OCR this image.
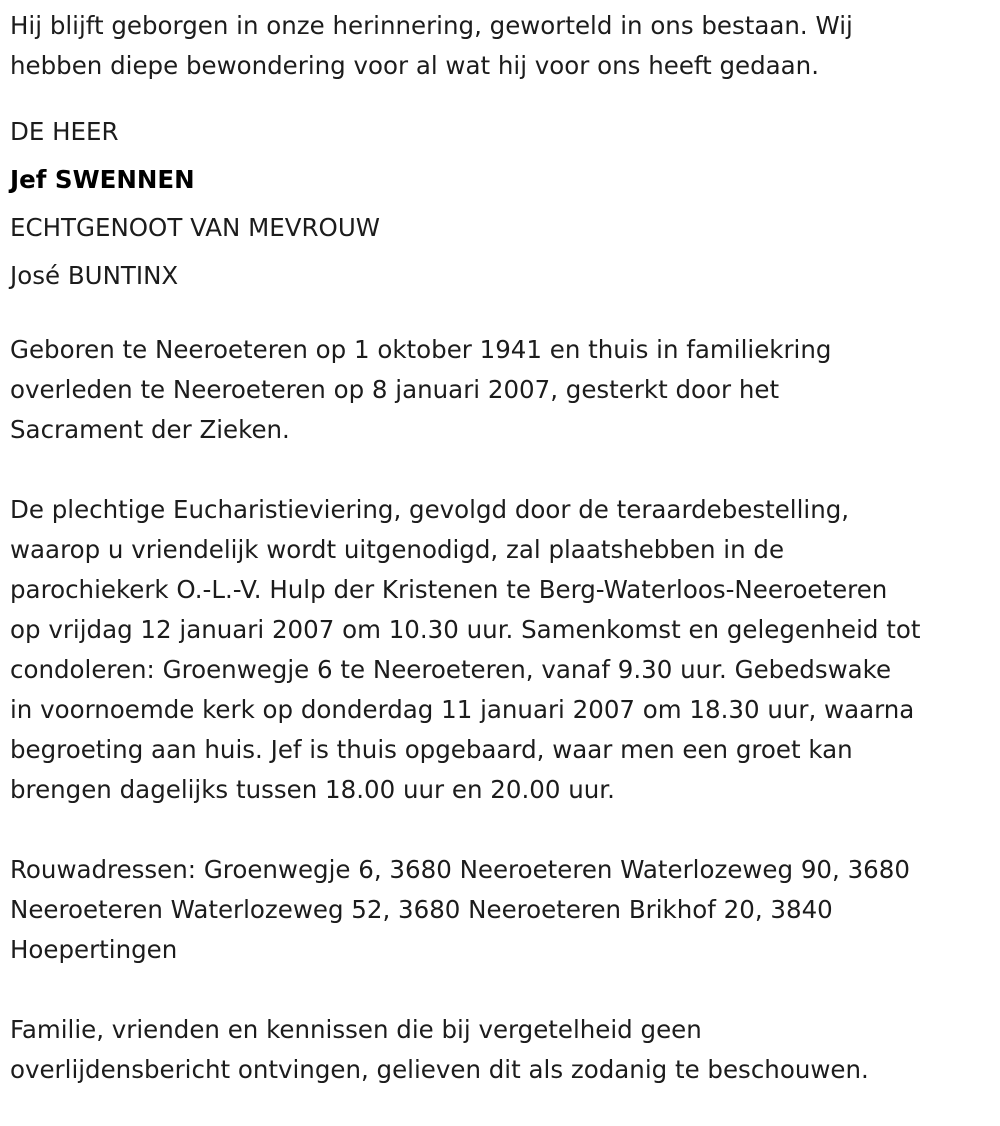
Hij blijft geborgen in onze herinnering, geworteld in ons bestaan. Wij
hebben diepe bewondering voor al wat hij voor ons heeft gedaan.
DE HEER
Jef SWENNEN
ECHTGENOOT VAN MEVROUW
José BUNTINX
Geboren te Neeroeteren op 1 oktober 1941 en thuis in familiekring
overleden te Neeroeteren op 8 januari 2007, gesterkt door het
Sacrament der Zieken.
De plechtige Eucharistieviering, gevolgd door de teraardebestelling,
waarop u vriendelijk wordt uitgenodigd, zal plaatshebben in de
parochiekerk O.-L.-V. Hulp der Kristenen te Berg-Waterloos-Neeroeteren
op vrijdag 12 januari 2007 om 10.30 uur. Samenkomst en gelegenheid tot
condoleren: Groenwegje 6 te Neeroeteren, vanaf 9.30 uur. Gebedswake
in voornoemde kerk op donderdag 11 januari 2007 om 18.30 uur, waarna
begroeting aan huis. Jef is thuis opgebaard, waar men een groet kan
brengen dagelijks tussen 18.00 uur en 20.00 uur.
Rouwadressen: Groenwegje 6, 3680 Neeroeteren Waterlozeweg 90, 3680
Neeroeteren Waterlozeweg 52, 3680 Neeroeteren Brikhof 20, 3840
Hoepertingen
Familie, vrienden en kennissen die bij vergetelheid geen
overlijdensbericht ontvingen, gelieven dit als zodanig te beschouwen.
